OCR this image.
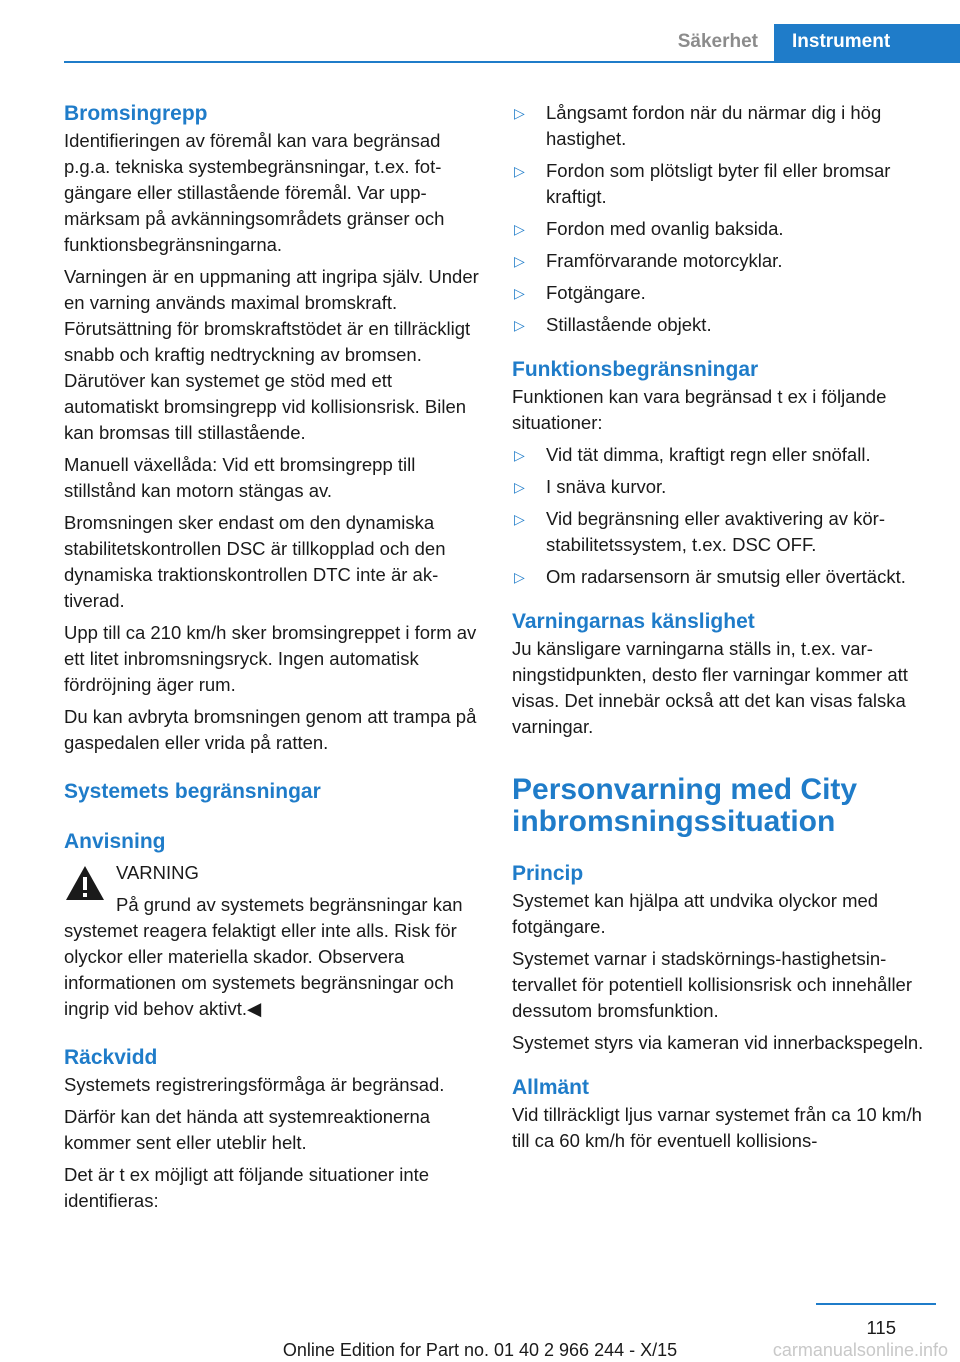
Säkerhet	Instrument
Bromsingrepp

Identifieringen av föremål kan vara begränsad p.g.a. tekniska systembegränsningar, t.ex. fotgängare eller stillastående föremål. Var uppmärksam på avkänningsområdets gränser och funktionsbegränsningarna.

Varningen är en uppmaning att ingripa själv. Under en varning används maximal bromskraft. Förutsättning för bromskraftstödet är en tillräckligt snabb och kraftig nedtryckning av bromsen. Därutöver kan systemet ge stöd med ett automatiskt bromsingrepp vid kollisionsrisk. Bilen kan bromsas till stillastående.

Manuell växellåda: Vid ett bromsingrepp till stillstånd kan motorn stängas av.

Bromsningen sker endast om den dynamiska stabilitetskontrollen DSC är tillkopplad och den dynamiska traktionskontrollen DTC inte är aktiverad.

Upp till ca 210 km/h sker bromsingreppet i form av ett litet inbromsningsryck. Ingen automatisk fördröjning äger rum.

Du kan avbryta bromsningen genom att trampa på gaspedalen eller vrida på ratten.

Systemets begränsningar
Anvisning

VARNING

På grund av systemets begränsningar kan systemet reagera felaktigt eller inte alls. Risk för olyckor eller materiella skador. Observera informationen om systemets begränsningar och ingrip vid behov aktivt.◀

Räckvidd

Systemets registreringsförmåga är begränsad.

Därför kan det hända att systemreaktionerna kommer sent eller uteblir helt.

Det är t ex möjligt att följande situationer inte identifieras:

▷ Långsamt fordon när du närmar dig i hög hastighet.
▷ Fordon som plötsligt byter fil eller bromsar kraftigt.
▷ Fordon med ovanlig baksida.
▷ Framförvarande motorcyklar.
▷ Fotgängare.
▷ Stillastående objekt.
Funktionsbegränsningar

Funktionen kan vara begränsad t ex i följande situationer:

▷ Vid tät dimma, kraftigt regn eller snöfall.
▷ I snäva kurvor.
▷ Vid begränsning eller avaktivering av körstabilitetssystem, t.ex. DSC OFF.
▷ Om radarsensorn är smutsig eller övertäckt.
Varningarnas känslighet

Ju känsligare varningarna ställs in, t.ex. varningstidpunkten, desto fler varningar kommer att visas. Det innebär också att det kan visas falska varningar.

Personvarning med City inbromsningssituation
Princip

Systemet kan hjälpa att undvika olyckor med fotgängare.

Systemet varnar i stadskörnings-hastighetsintervallet för potentiell kollisionsrisk och innehåller dessutom bromsfunktion.

Systemet styrs via kameran vid innerbackspegeln.

Allmänt

Vid tillräckligt ljus varnar systemet från ca 10 km/h till ca 60 km/h för eventuell kollisions-

115
Online Edition for Part no. 01 40 2 966 244 - X/15	carmanualsonline.info
